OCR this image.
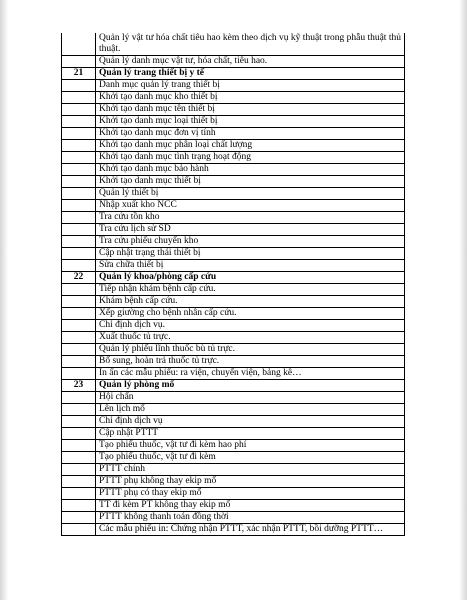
	Quản lý vật tư hóa chất tiêu hao kèm theo dịch vụ kỹ thuật trong phẫu thuật thủ thuật.
	Quản lý danh mục vật tư, hóa chất, tiêu hao.
21	Quản lý trang thiết bị y tế
	Danh mục quản lý trang thiết bị
	Khởi tạo danh mục kho thiết bị
	Khởi tạo danh mục tên thiết bị
	Khởi tạo danh mục loại thiết bị
	Khởi tạo danh mục đơn vị tính
	Khởi tạo danh mục phân loại chất lượng
	Khởi tạo danh mục tình trạng hoạt động
	Khởi tạo danh mục bảo hành
	Khởi tạo danh mục thiết bị
	Quản lý thiết bị
	Nhập xuất kho NCC
	Tra cứu tồn kho
	Tra cứu lịch sử SD
	Tra cứu phiếu chuyển kho
	Cập nhật trạng thái thiết bị
	Sửa chữa thiết bị
22	Quản lý khoa/phòng cấp cứu
	Tiếp nhận khám bệnh cấp cứu.
	Khám bệnh cấp cứu.
	Xếp giường cho bệnh nhân cấp cứu.
	Chỉ định dịch vụ.
	Xuất thuốc tủ trực.
	Quản lý phiếu lĩnh thuốc bù tủ trực.
	Bổ sung, hoàn trả thuốc tủ trực.
	In ấn các mẫu phiếu: ra viện, chuyển viện, bảng kê…
23	Quản lý phòng mổ
	Hội chẩn
	Lên lịch mổ
	Chỉ định dịch vụ
	Cập nhật PTTT
	Tạo phiếu thuốc, vật tư đi kèm hao phí
	Tạo phiếu thuốc, vật tư đi kèm
	PTTT chính
	PTTT phụ không thay ekip mổ
	PTTT phụ có thay ekip mổ
	TT đi kèm PT không thay ekip mổ
	PTTT không thanh toán đồng thời
	Các mẫu phiếu in: Chứng nhận PTTT, xác nhận PTTT, bồi dưỡng PTTT…
